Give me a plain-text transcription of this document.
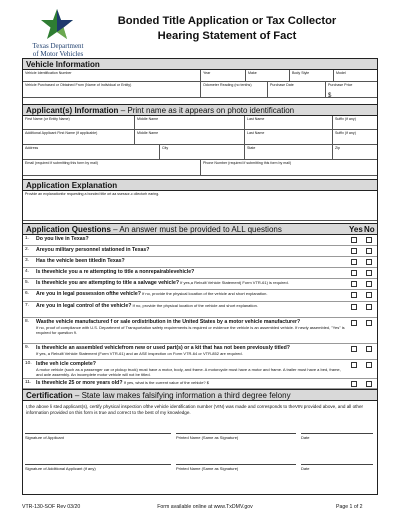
Texas Department
of Motor Vehicles
Bonded Title Application or Tax Collector
Hearing Statement of Fact
Vehicle Information
Vehicle Identification Number	Year	Make	Body Style	Model
Vehicle Purchased or Obtained From (Name of Individual or Entity)	Odometer Reading (no tenths)	Purchase Date	Purchase Price
$
Applicant(s) Information – Print name as it appears on photo identification
First Name (or Entity Name)	Middle Name	Last Name	Suffix (if any)
Additional Applicant First Name (if applicable)	Middle Name	Last Name	Suffix (if any)
Address	City	State	Zip
Email (required if submitting this form by mail)	Phone Number (required if submitting this form by mail)
Application Explanation
Provide an explanationfor requesting a bonded title ort aa ssessor-c ollectorh earing.
Application Questions – An answer must be provided to ALL questions	Yes No
1. Do you live in Texas?
2. Areyou military personnel stationed in Texas?
3. Has the vehicle been titledin Texas?
4. Is thevehicle you a re attempting to title a nonrepairablevehicle?
5. Is thevehicle you are attempting to title a salvage vehicle? If yes,a Rebuilt Vehicle Statement( Form VTR-61) is required.
6. Are you in legal possession ofthe vehicle? If no, provide the physical location of the vehicle and short explanation.
7. Are you in legal control of the vehicle? If no, provide the physical location of the vehicle and short explanation.
8. Wasthe vehicle manufactured f or sale ordistribution in the United States by a motor vehicle manufacturer?
If no, proof of compliance with U.S. Department of Transportation safety requirements is required or evidence the vehicle is an assembled vehicle. If newly assembled, "Yes" is required for question 9.
9. Is thevehicle an assembled vehiclefrom new or used part(s) or a kit that has not been previously titled?
If yes, a Rebuilt Vehicle Statement (Form VTR-61) and an ASE inspection on Form VTR-64 or VTR-852 are required.
10. Isthe veh icle complete?
A motor vehicle (such as a passenger car or pickup truck) must have a motor, body, and frame. A motorcycle must have a motor and frame. A trailer must have a bed, frame, and axle assembly. An incomplete motor vehicle will not be titled.
11. Is thevehicle 25 or more years old? If yes, what is the current value of the vehicle? $
Certification – State law makes falsifying information a third degree felony
I,the above li sted applicant(s), certify physical inspection ofthe vehicle identification number (VIN) was made and corresponds to theVIN provided above, and all other information provided on this form is true and correct to the best of my knowledge.
Signature of Applicant	Printed Name (Same as Signature)	Date
Signature of Additional Applicant (if any)	Printed Name (Same as Signature)	Date
VTR-130-SOF Rev 03/20	Form available online at www.TxDMV.gov	Page 1 of 2
